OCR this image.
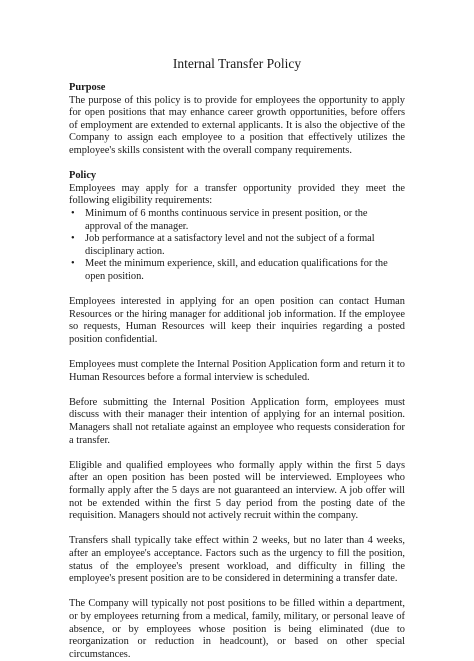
Internal Transfer Policy
Purpose

The purpose of this policy is to provide for employees the opportunity to apply for open positions that may enhance career growth opportunities, before offers of employment are extended to external applicants. It is also the objective of the Company to assign each employee to a position that effectively utilizes the employee's skills consistent with the overall company requirements.

Policy

Employees may apply for a transfer opportunity provided they meet the following eligibility requirements:

• Minimum of 6 months continuous service in present position, or the approval of the manager.
• Job performance at a satisfactory level and not the subject of a formal disciplinary action.
• Meet the minimum experience, skill, and education qualifications for the open position.

Employees interested in applying for an open position can contact Human Resources or the hiring manager for additional job information. If the employee so requests, Human Resources will keep their inquiries regarding a posted position confidential.

Employees must complete the Internal Position Application form and return it to Human Resources before a formal interview is scheduled.

Before submitting the Internal Position Application form, employees must discuss with their manager their intention of applying for an internal position. Managers shall not retaliate against an employee who requests consideration for a transfer.

Eligible and qualified employees who formally apply within the first 5 days after an open position has been posted will be interviewed. Employees who formally apply after the 5 days are not guaranteed an interview. A job offer will not be extended within the first 5 day period from the posting date of the requisition. Managers should not actively recruit within the company.

Transfers shall typically take effect within 2 weeks, but no later than 4 weeks, after an employee's acceptance. Factors such as the urgency to fill the position, status of the employee's present workload, and difficulty in filling the employee's present position are to be considered in determining a transfer date.

The Company will typically not post positions to be filled within a department, or by employees returning from a medical, family, military, or personal leave of absence, or by employees whose position is being eliminated (due to reorganization or reduction in headcount), or based on other special circumstances.
